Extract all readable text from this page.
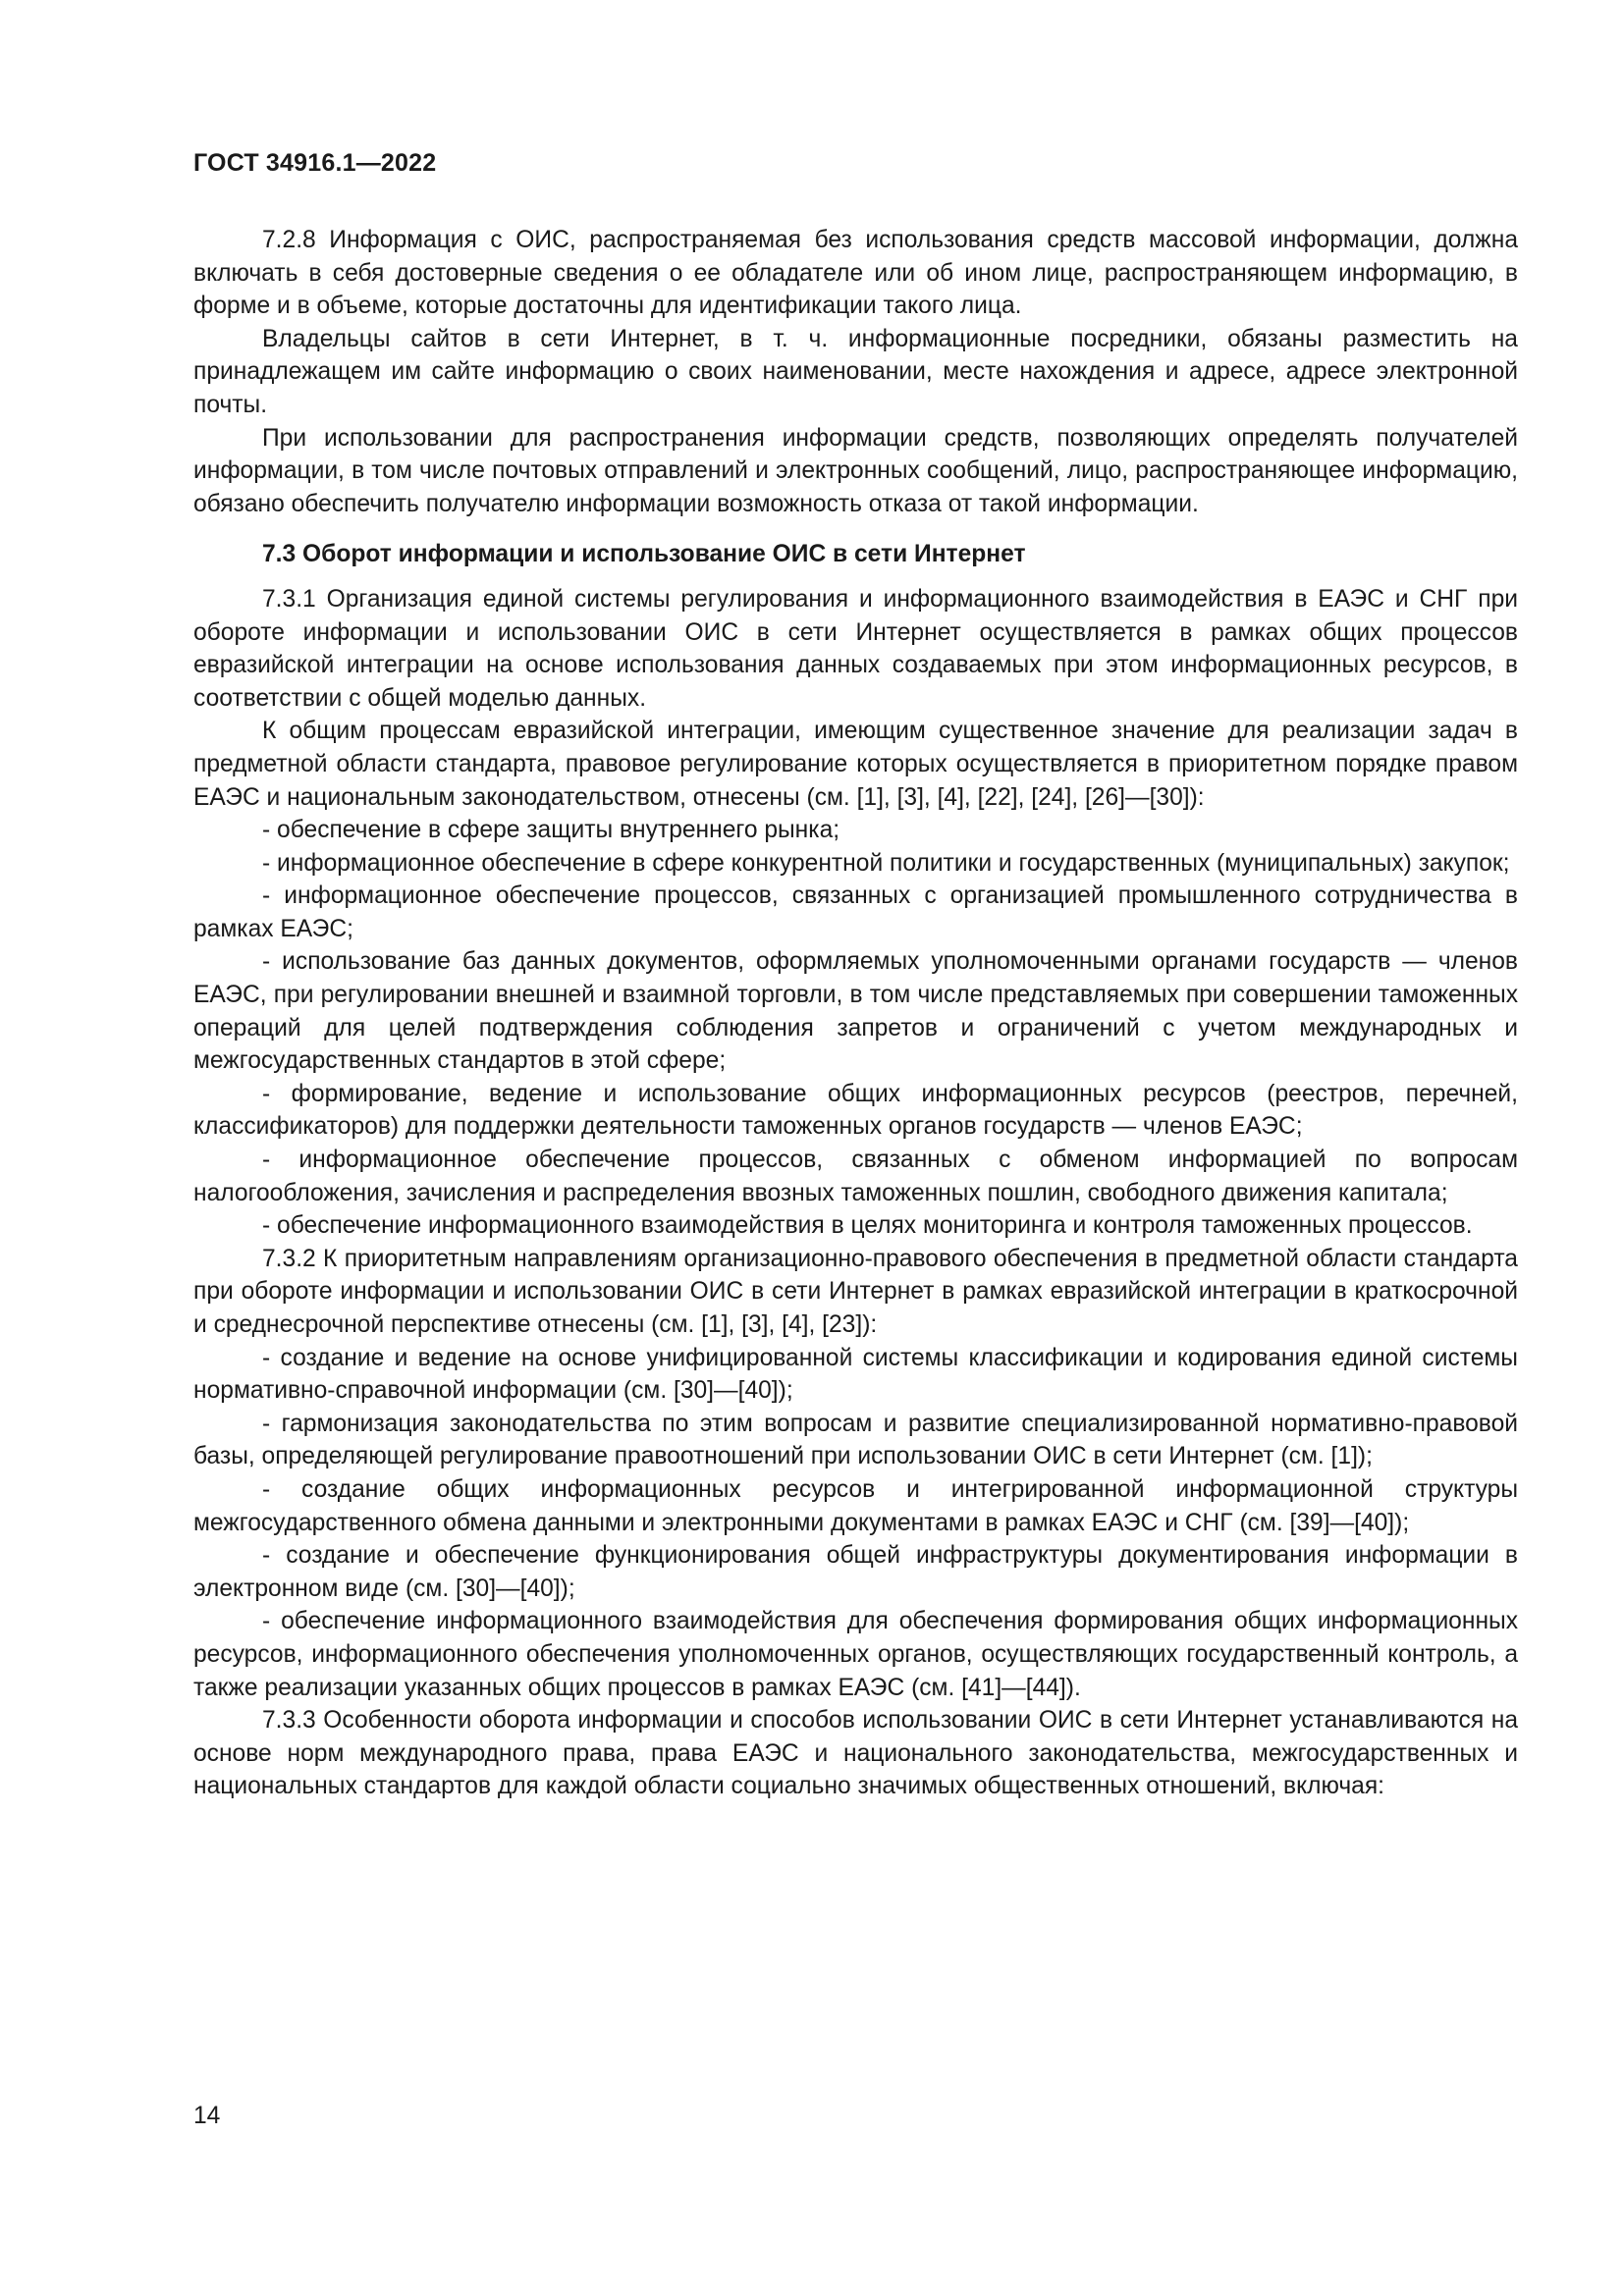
ГОСТ 34916.1—2022

7.2.8 Информация с ОИС, распространяемая без использования средств массовой информации, должна включать в себя достоверные сведения о ее обладателе или об ином лице, распространяющем информацию, в форме и в объеме, которые достаточны для идентификации такого лица.

Владельцы сайтов в сети Интернет, в т. ч. информационные посредники, обязаны разместить на принадлежащем им сайте информацию о своих наименовании, месте нахождения и адресе, адресе электронной почты.

При использовании для распространения информации средств, позволяющих определять получателей информации, в том числе почтовых отправлений и электронных сообщений, лицо, распространяющее информацию, обязано обеспечить получателю информации возможность отказа от такой информации.

7.3 Оборот информации и использование ОИС в сети Интернет

7.3.1 Организация единой системы регулирования и информационного взаимодействия в ЕАЭС и СНГ при обороте информации и использовании ОИС в сети Интернет осуществляется в рамках общих процессов евразийской интеграции на основе использования данных создаваемых при этом информационных ресурсов, в соответствии с общей моделью данных.

К общим процессам евразийской интеграции, имеющим существенное значение для реализации задач в предметной области стандарта, правовое регулирование которых осуществляется в приоритетном порядке правом ЕАЭС и национальным законодательством, отнесены (см. [1], [3], [4], [22], [24], [26]—[30]):

- обеспечение в сфере защиты внутреннего рынка;

- информационное обеспечение в сфере конкурентной политики и государственных (муниципальных) закупок;

- информационное обеспечение процессов, связанных с организацией промышленного сотрудничества в рамках ЕАЭС;

- использование баз данных документов, оформляемых уполномоченными органами государств — членов ЕАЭС, при регулировании внешней и взаимной торговли, в том числе представляемых при совершении таможенных операций для целей подтверждения соблюдения запретов и ограничений с учетом международных и межгосударственных стандартов в этой сфере;

- формирование, ведение и использование общих информационных ресурсов (реестров, перечней, классификаторов) для поддержки деятельности таможенных органов государств — членов ЕАЭС;

- информационное обеспечение процессов, связанных с обменом информацией по вопросам налогообложения, зачисления и распределения ввозных таможенных пошлин, свободного движения капитала;

- обеспечение информационного взаимодействия в целях мониторинга и контроля таможенных процессов.

7.3.2 К приоритетным направлениям организационно-правового обеспечения в предметной области стандарта при обороте информации и использовании ОИС в сети Интернет в рамках евразийской интеграции в краткосрочной и среднесрочной перспективе отнесены (см. [1], [3], [4], [23]):

- создание и ведение на основе унифицированной системы классификации и кодирования единой системы нормативно-справочной информации (см. [30]—[40]);

- гармонизация законодательства по этим вопросам и развитие специализированной нормативно-правовой базы, определяющей регулирование правоотношений при использовании ОИС в сети Интернет (см. [1]);

- создание общих информационных ресурсов и интегрированной информационной структуры межгосударственного обмена данными и электронными документами в рамках ЕАЭС и СНГ (см. [39]—[40]);

- создание и обеспечение функционирования общей инфраструктуры документирования информации в электронном виде (см. [30]—[40]);

- обеспечение информационного взаимодействия для обеспечения формирования общих информационных ресурсов, информационного обеспечения уполномоченных органов, осуществляющих государственный контроль, а также реализации указанных общих процессов в рамках ЕАЭС (см. [41]—[44]).

7.3.3 Особенности оборота информации и способов использовании ОИС в сети Интернет устанавливаются на основе норм международного права, права ЕАЭС и национального законодательства, межгосударственных и национальных стандартов для каждой области социально значимых общественных отношений, включая:

14
